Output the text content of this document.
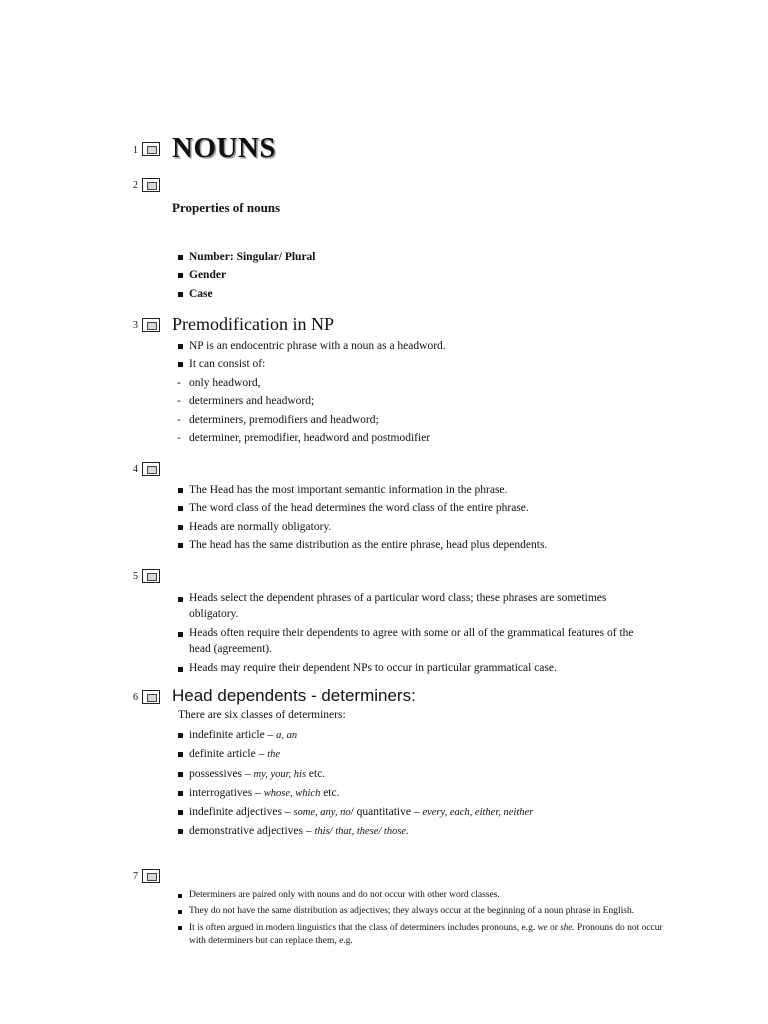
1 NOUNS
2
Properties of nouns
Number: Singular/ Plural
Gender
Case
3 Premodification in NP
NP is an endocentric phrase with a noun as a headword.
It can consist of:
- only headword,
- determiners and headword;
- determiners, premodifiers and headword;
- determiner, premodifier, headword and postmodifier
4
The Head has the most important semantic information in the phrase.
The word class of the head determines the word class of the entire phrase.
Heads are normally obligatory.
The head has the same distribution as the entire phrase, head plus dependents.
5
Heads select the dependent phrases of a particular word class; these phrases are sometimes obligatory.
Heads often require their dependents to agree with some or all of the grammatical features of the head (agreement).
Heads may require their dependent NPs to occur in particular grammatical case.
6 Head dependents - determiners:
There are six classes of determiners:
indefinite article – a, an
definite article – the
possessives – my, your, his etc.
interrogatives – whose, which etc.
indefinite adjectives – some, any, no/ quantitative – every, each, either, neither
demonstrative adjectives – this/ that, these/ those.
7
Determiners are paired only with nouns and do not occur with other word classes.
They do not have the same distribution as adjectives; they always occur at the beginning of a noun phrase in English.
It is often argued in modern linguistics that the class of determiners includes pronouns, e.g. we or she. Pronouns do not occur with determiners but can replace them, e.g.
